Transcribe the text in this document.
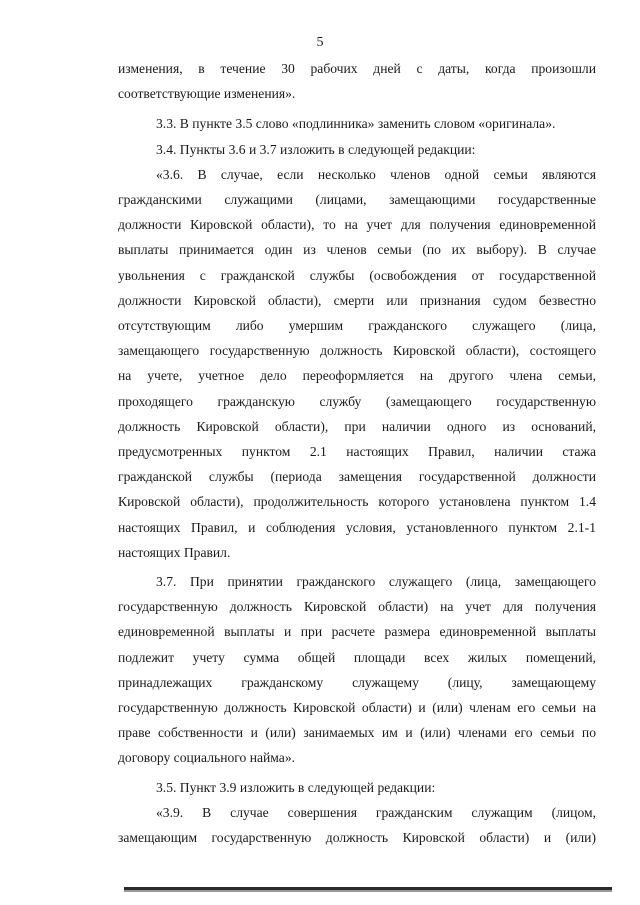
5
изменения, в течение 30 рабочих дней с даты, когда произошли
соответствующие изменения».
3.3. В пункте 3.5 слово «подлинника» заменить словом «оригинала».
3.4. Пункты 3.6 и 3.7 изложить в следующей редакции:
«3.6. В случае, если несколько членов одной семьи являются
гражданскими служащими (лицами, замещающими государственные
должности Кировской области), то на учет для получения единовременной
выплаты принимается один из членов семьи (по их выбору). В случае
увольнения с гражданской службы (освобождения от государственной
должности Кировской области), смерти или признания судом безвестно
отсутствующим либо умершим гражданского служащего (лица,
замещающего государственную должность Кировской области), состоящего
на учете, учетное дело переоформляется на другого члена семьи,
проходящего гражданскую службу (замещающего государственную
должность Кировской области), при наличии одного из оснований,
предусмотренных пунктом 2.1 настоящих Правил, наличии стажа
гражданской службы (периода замещения государственной должности
Кировской области), продолжительность которого установлена пунктом 1.4
настоящих Правил, и соблюдения условия, установленного пунктом 2.1-1
настоящих Правил.
3.7. При принятии гражданского служащего (лица, замещающего
государственную должность Кировской области) на учет для получения
единовременной выплаты и при расчете размера единовременной выплаты
подлежит учету сумма общей площади всех жилых помещений,
принадлежащих гражданскому служащему (лицу, замещающему
государственную должность Кировской области) и (или) членам его семьи на
праве собственности и (или) занимаемых им и (или) членами его семьи по
договору социального найма».
3.5. Пункт 3.9 изложить в следующей редакции:
«3.9. В случае совершения гражданским служащим (лицом,
замещающим государственную должность Кировской области) и (или)
